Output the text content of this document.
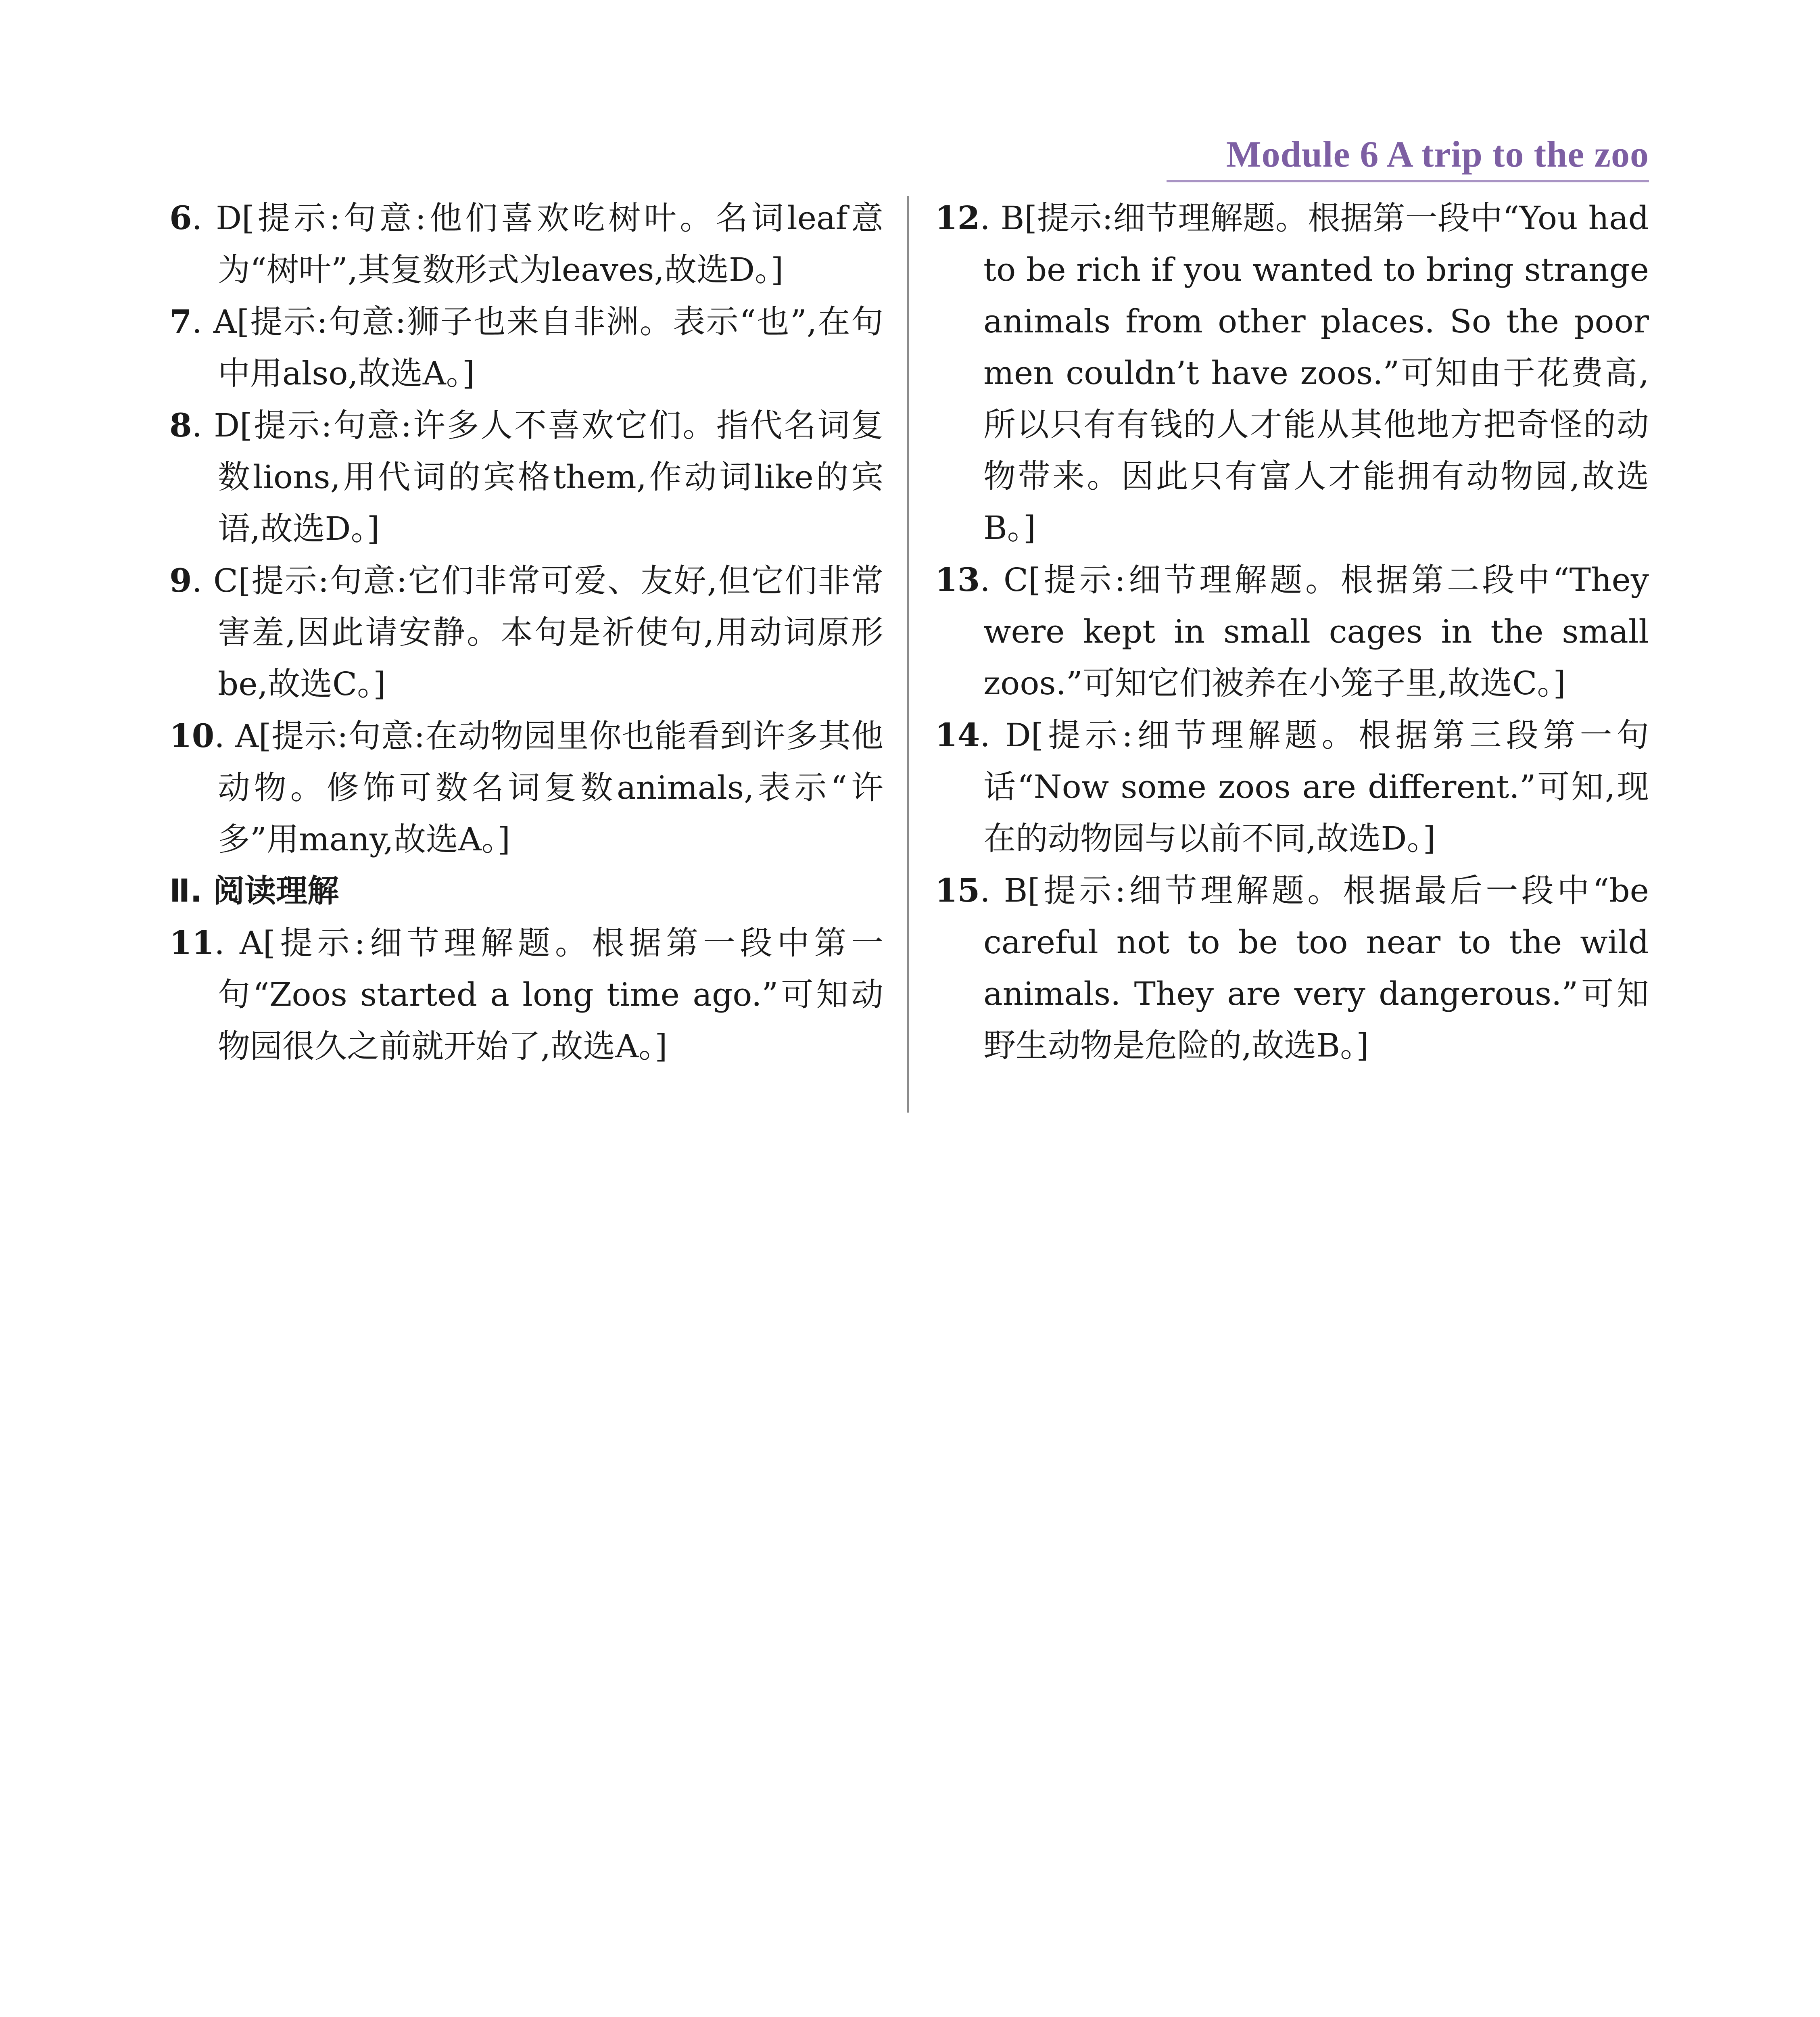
Module 6 A trip to the zoo

6. D[提示:句意:他们喜欢吃树叶。名词leaf意为“树叶”,其复数形式为leaves,故选D。]

7. A[提示:句意:狮子也来自非洲。表示“也”,在句中用also,故选A。]

8. D[提示:句意:许多人不喜欢它们。指代名词复数lions,用代词的宾格them,作动词like的宾语,故选D。]

9. C[提示:句意:它们非常可爱、友好,但它们非常害羞,因此请安静。本句是祈使句,用动词原形be,故选C。]

10. A[提示:句意:在动物园里你也能看到许多其他动物。修饰可数名词复数animals,表示“许多”用many,故选A。]

Ⅱ. 阅读理解

11. A[提示:细节理解题。根据第一段中第一句“Zoos started a long time ago.”可知动物园很久之前就开始了,故选A。]

12. B[提示:细节理解题。根据第一段中“You had to be rich if you wanted to bring strange animals from other places. So the poor men couldn’t have zoos.”可知由于花费高,所以只有有钱的人才能从其他地方把奇怪的动物带来。因此只有富人才能拥有动物园,故选B。]

13. C[提示:细节理解题。根据第二段中“They were kept in small cages in the small zoos.”可知它们被养在小笼子里,故选C。]

14. D[提示:细节理解题。根据第三段第一句话“Now some zoos are different.”可知,现在的动物园与以前不同,故选D。]

15. B[提示:细节理解题。根据最后一段中“be careful not to be too near to the wild animals. They are very dangerous.”可知野生动物是危险的,故选B。]
